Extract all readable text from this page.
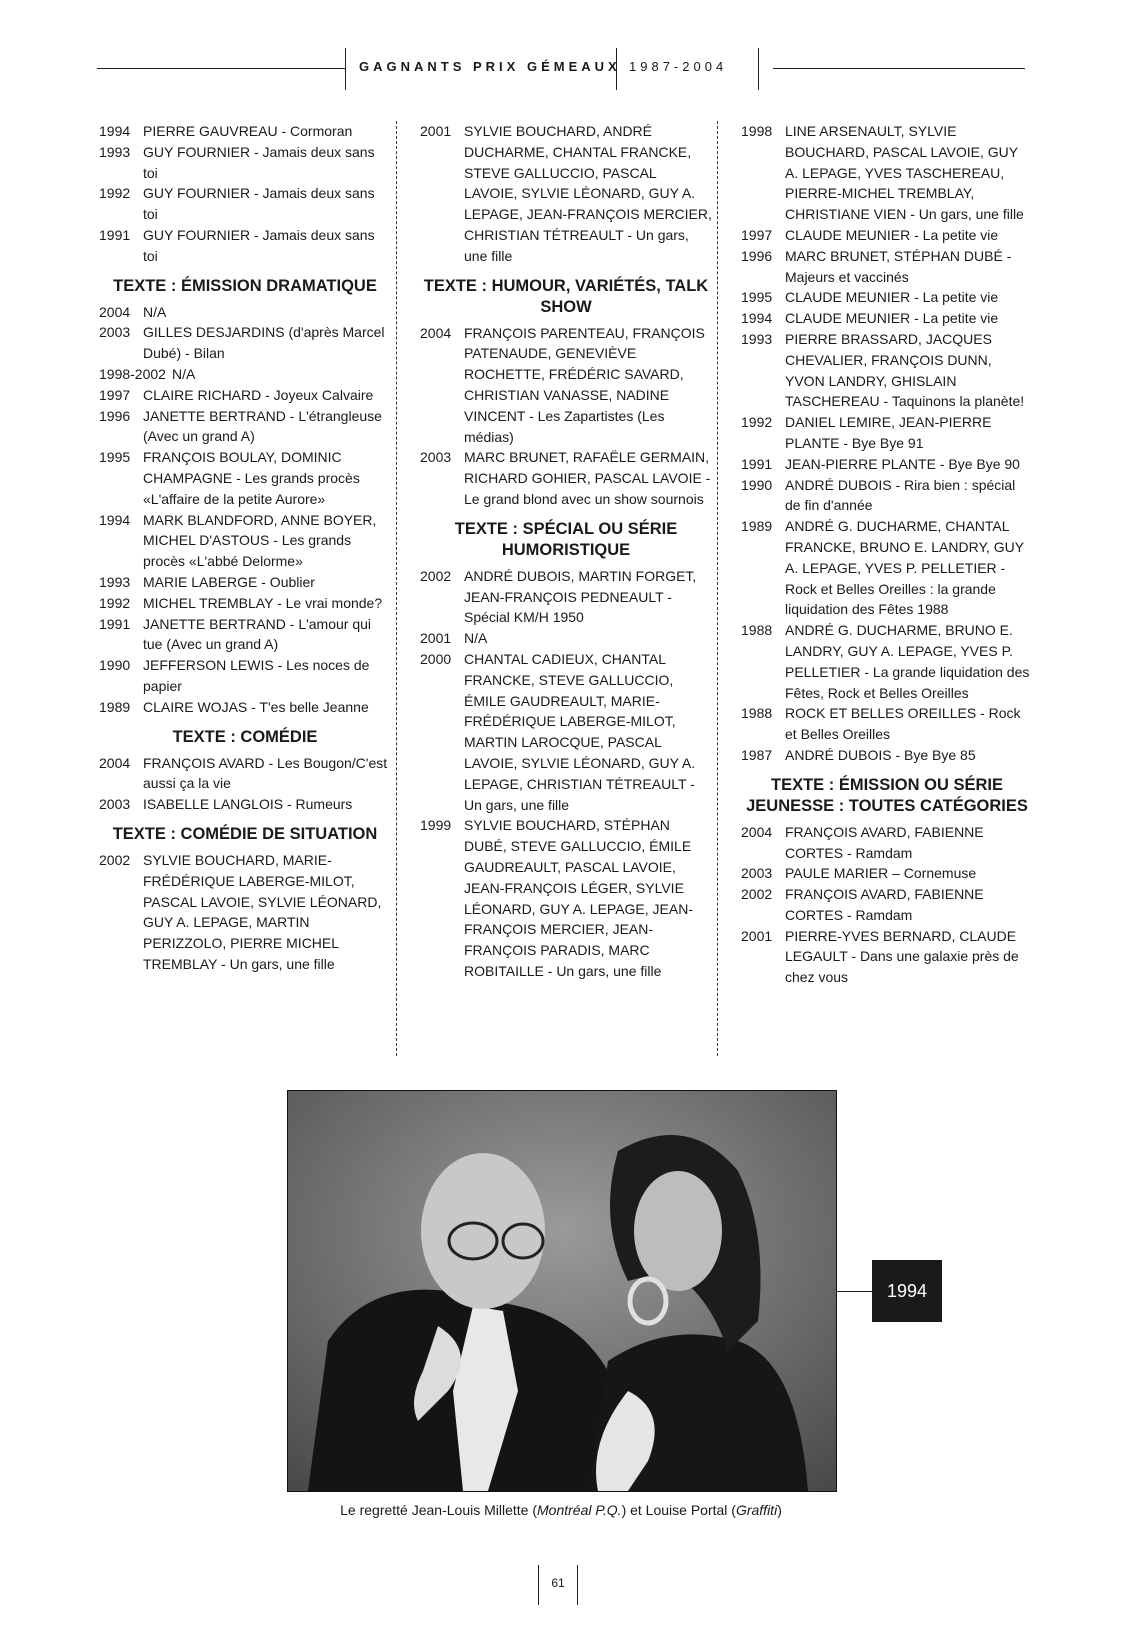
GAGNANTS PRIX GÉMEAUX 1987-2004
1994 PIERRE GAUVREAU - Cormoran
1993 GUY FOURNIER - Jamais deux sans toi
1992 GUY FOURNIER - Jamais deux sans toi
1991 GUY FOURNIER - Jamais deux sans toi
TEXTE : ÉMISSION DRAMATIQUE
2004 N/A
2003 GILLES DESJARDINS (d'après Marcel Dubé) - Bilan
1998-2002 N/A
1997 CLAIRE RICHARD - Joyeux Calvaire
1996 JANETTE BERTRAND - L'étrangleuse (Avec un grand A)
1995 FRANÇOIS BOULAY, DOMINIC CHAMPAGNE - Les grands procès «L'affaire de la petite Aurore»
1994 MARK BLANDFORD, ANNE BOYER, MICHEL D'ASTOUS - Les grands procès «L'abbé Delorme»
1993 MARIE LABERGE - Oublier
1992 MICHEL TREMBLAY - Le vrai monde?
1991 JANETTE BERTRAND - L'amour qui tue (Avec un grand A)
1990 JEFFERSON LEWIS - Les noces de papier
1989 CLAIRE WOJAS - T'es belle Jeanne
TEXTE : COMÉDIE
2004 FRANÇOIS AVARD - Les Bougon/C'est aussi ça la vie
2003 ISABELLE LANGLOIS - Rumeurs
TEXTE : COMÉDIE DE SITUATION
2002 SYLVIE BOUCHARD, MARIE-FRÉDÉRIQUE LABERGE-MILOT, PASCAL LAVOIE, SYLVIE LÉONARD, GUY A. LEPAGE, MARTIN PERIZZOLO, PIERRE MICHEL TREMBLAY - Un gars, une fille
2001 SYLVIE BOUCHARD, ANDRÉ DUCHARME, CHANTAL FRANCKE, STEVE GALLUCCIO, PASCAL LAVOIE, SYLVIE LÉONARD, GUY A. LEPAGE, JEAN-FRANÇOIS MERCIER, CHRISTIAN TÉTREAULT - Un gars, une fille
TEXTE : HUMOUR, VARIÉTÉS, TALK SHOW
2004 FRANÇOIS PARENTEAU, FRANÇOIS PATENAUDE, GENEVIÈVE ROCHETTE, FRÉDÉRIC SAVARD, CHRISTIAN VANASSE, NADINE VINCENT - Les Zapartistes (Les médias)
2003 MARC BRUNET, RAFAËLE GERMAIN, RICHARD GOHIER, PASCAL LAVOIE - Le grand blond avec un show sournois
TEXTE : SPÉCIAL OU SÉRIE HUMORISTIQUE
2002 ANDRÉ DUBOIS, MARTIN FORGET, JEAN-FRANÇOIS PEDNEAULT - Spécial KM/H 1950
2001 N/A
2000 CHANTAL CADIEUX, CHANTAL FRANCKE, STEVE GALLUCCIO, ÉMILE GAUDREAULT, MARIE-FRÉDÉRIQUE LABERGE-MILOT, MARTIN LAROCQUE, PASCAL LAVOIE, SYLVIE LÉONARD, GUY A. LEPAGE, CHRISTIAN TÉTREAULT - Un gars, une fille
1999 SYLVIE BOUCHARD, STÉPHAN DUBÉ, STEVE GALLUCCIO, ÉMILE GAUDREAULT, PASCAL LAVOIE, JEAN-FRANÇOIS LÉGER, SYLVIE LÉONARD, GUY A. LEPAGE, JEAN-FRANÇOIS MERCIER, JEAN-FRANÇOIS PARADIS, MARC ROBITAILLE - Un gars, une fille
1998 LINE ARSENAULT, SYLVIE BOUCHARD, PASCAL LAVOIE, GUY A. LEPAGE, YVES TASCHEREAU, PIERRE-MICHEL TREMBLAY, CHRISTIANE VIEN - Un gars, une fille
1997 CLAUDE MEUNIER - La petite vie
1996 MARC BRUNET, STÉPHAN DUBÉ - Majeurs et vaccinés
1995 CLAUDE MEUNIER - La petite vie
1994 CLAUDE MEUNIER - La petite vie
1993 PIERRE BRASSARD, JACQUES CHEVALIER, FRANÇOIS DUNN, YVON LANDRY, GHISLAIN TASCHEREAU - Taquinons la planète!
1992 DANIEL LEMIRE, JEAN-PIERRE PLANTE - Bye Bye 91
1991 JEAN-PIERRE PLANTE - Bye Bye 90
1990 ANDRÉ DUBOIS - Rira bien : spécial de fin d'année
1989 ANDRÉ G. DUCHARME, CHANTAL FRANCKE, BRUNO E. LANDRY, GUY A. LEPAGE, YVES P. PELLETIER - Rock et Belles Oreilles : la grande liquidation des Fêtes 1988
1988 ANDRÉ G. DUCHARME, BRUNO E. LANDRY, GUY A. LEPAGE, YVES P. PELLETIER - La grande liquidation des Fêtes, Rock et Belles Oreilles
1988 ROCK ET BELLES OREILLES - Rock et Belles Oreilles
1987 ANDRÉ DUBOIS - Bye Bye 85
TEXTE : ÉMISSION OU SÉRIE JEUNESSE : TOUTES CATÉGORIES
2004 FRANÇOIS AVARD, FABIENNE CORTES - Ramdam
2003 PAULE MARIER – Cornemuse
2002 FRANÇOIS AVARD, FABIENNE CORTES - Ramdam
2001 PIERRE-YVES BERNARD, CLAUDE LEGAULT - Dans une galaxie près de chez vous
1994
Le regretté Jean-Louis Millette (Montréal P.Q.) et Louise Portal (Graffiti)
61
